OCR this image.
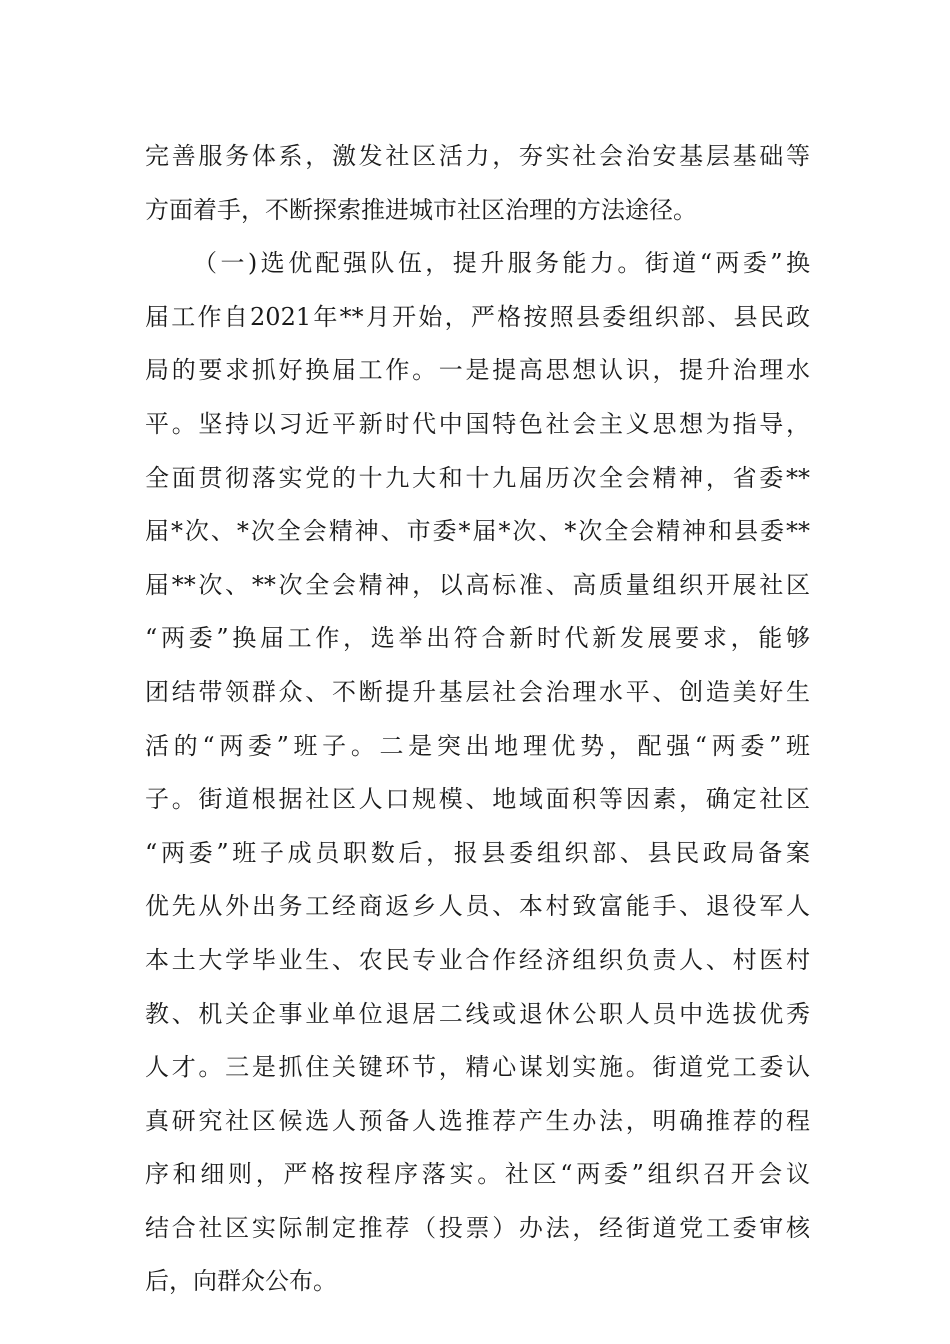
完善服务体系，激发社区活力，夯实社会治安基层基础等
方面着手，不断探索推进城市社区治理的方法途径。
（一)选优配强队伍，提升服务能力。街道“两委”换
届工作自2021年**月开始，严格按照县委组织部、县民政
局的要求抓好换届工作。一是提高思想认识，提升治理水
平。坚持以习近平新时代中国特色社会主义思想为指导，
全面贯彻落实党的十九大和十九届历次全会精神，省委**
届*次、*次全会精神、市委*届*次、*次全会精神和县委**
届**次、**次全会精神，以高标准、高质量组织开展社区
“两委”换届工作，选举出符合新时代新发展要求，能够
团结带领群众、不断提升基层社会治理水平、创造美好生
活的“两委”班子。二是突出地理优势，配强“两委”班
子。街道根据社区人口规模、地域面积等因素，确定社区
“两委”班子成员职数后，报县委组织部、县民政局备案
优先从外出务工经商返乡人员、本村致富能手、退役军人
本土大学毕业生、农民专业合作经济组织负责人、村医村
教、机关企事业单位退居二线或退休公职人员中选拔优秀
人才。三是抓住关键环节，精心谋划实施。街道党工委认
真研究社区候选人预备人选推荐产生办法，明确推荐的程
序和细则，严格按程序落实。社区“两委”组织召开会议
结合社区实际制定推荐（投票）办法，经街道党工委审核
后，向群众公布。
